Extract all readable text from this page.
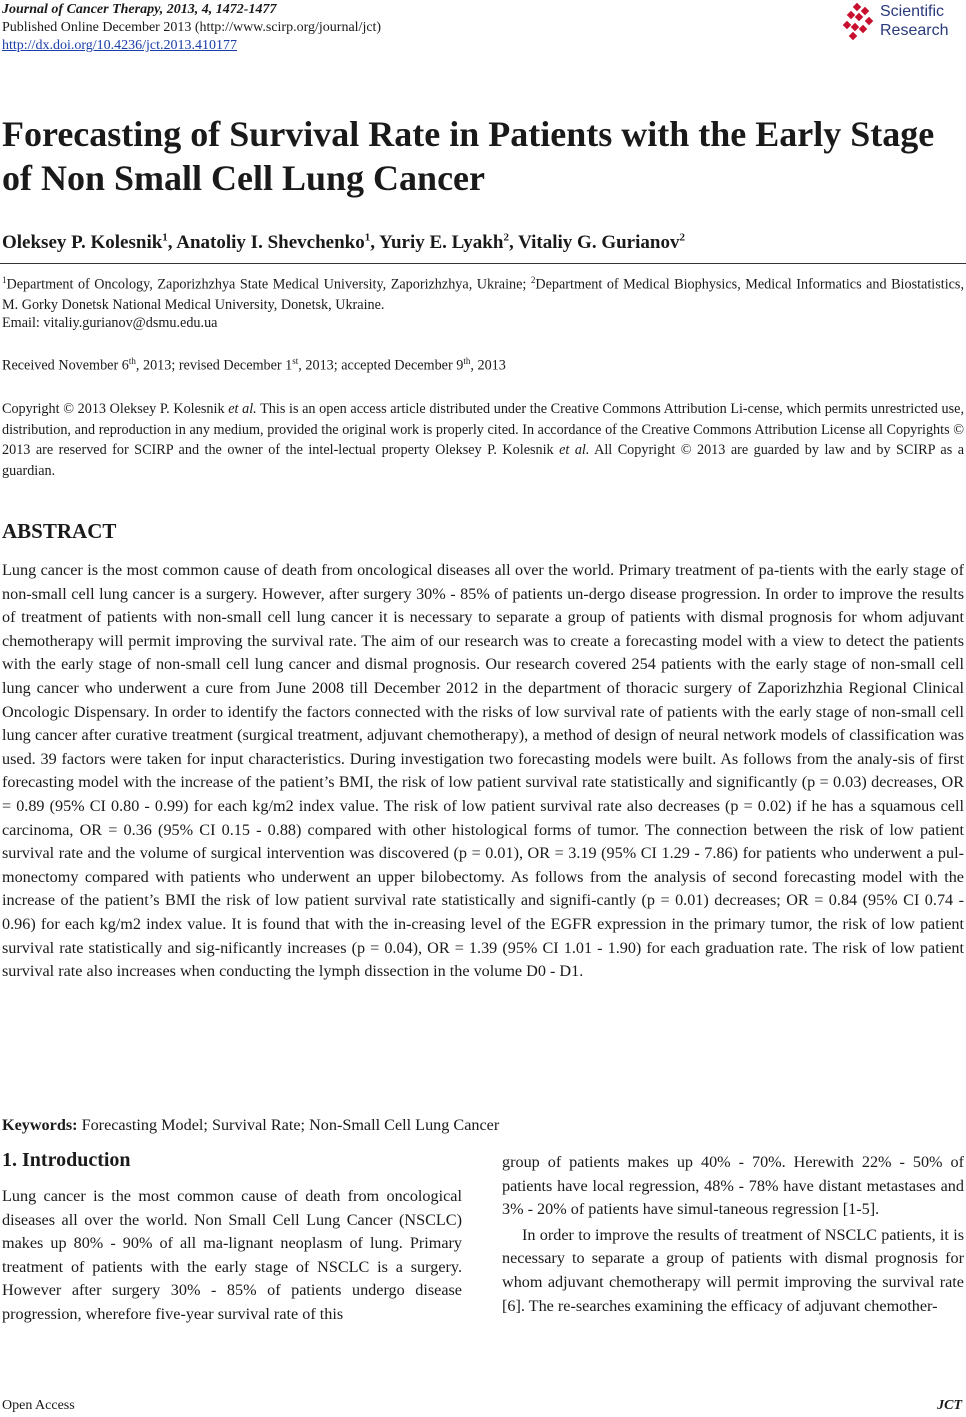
Journal of Cancer Therapy, 2013, 4, 1472-1477
Published Online December 2013 (http://www.scirp.org/journal/jct)
http://dx.doi.org/10.4236/jct.2013.410177
Scientific
Research
Forecasting of Survival Rate in Patients with the Early Stage of Non Small Cell Lung Cancer
Oleksey P. Kolesnik$^1$, Anatoliy I. Shevchenko$^1$, Yuriy E. Lyakh$^2$, Vitaliy G. Gurianov$^2$
$^1$Department of Oncology, Zaporizhzhya State Medical University, Zaporizhzhya, Ukraine; $^2$Department of Medical Biophysics, Medical Informatics and Biostatistics, M. Gorky Donetsk National Medical University, Donetsk, Ukraine.
Email: vitaliy.gurianov@dsmu.edu.ua
Received November 6th, 2013; revised December 1st, 2013; accepted December 9th, 2013
Copyright © 2013 Oleksey P. Kolesnik et al. This is an open access article distributed under the Creative Commons Attribution Li-cense, which permits unrestricted use, distribution, and reproduction in any medium, provided the original work is properly cited. In accordance of the Creative Commons Attribution License all Copyrights © 2013 are reserved for SCIRP and the owner of the intel-lectual property Oleksey P. Kolesnik et al. All Copyright © 2013 are guarded by law and by SCIRP as a guardian.
ABSTRACT
Lung cancer is the most common cause of death from oncological diseases all over the world. Primary treatment of pa-tients with the early stage of non-small cell lung cancer is a surgery. However, after surgery 30% - 85% of patients un-dergo disease progression. In order to improve the results of treatment of patients with non-small cell lung cancer it is necessary to separate a group of patients with dismal prognosis for whom adjuvant chemotherapy will permit improving the survival rate. The aim of our research was to create a forecasting model with a view to detect the patients with the early stage of non-small cell lung cancer and dismal prognosis. Our research covered 254 patients with the early stage of non-small cell lung cancer who underwent a cure from June 2008 till December 2012 in the department of thoracic surgery of Zaporizhzhia Regional Clinical Oncologic Dispensary. In order to identify the factors connected with the risks of low survival rate of patients with the early stage of non-small cell lung cancer after curative treatment (surgical treatment, adjuvant chemotherapy), a method of design of neural network models of classification was used. 39 factors were taken for input characteristics. During investigation two forecasting models were built. As follows from the analy-sis of first forecasting model with the increase of the patient’s BMI, the risk of low patient survival rate statistically and significantly (p = 0.03) decreases, OR = 0.89 (95% CI 0.80 - 0.99) for each kg/m2 index value. The risk of low patient survival rate also decreases (p = 0.02) if he has a squamous cell carcinoma, OR = 0.36 (95% CI 0.15 - 0.88) compared with other histological forms of tumor. The connection between the risk of low patient survival rate and the volume of surgical intervention was discovered (p = 0.01), OR = 3.19 (95% CI 1.29 - 7.86) for patients who underwent a pul-monectomy compared with patients who underwent an upper bilobectomy. As follows from the analysis of second forecasting model with the increase of the patient’s BMI the risk of low patient survival rate statistically and signifi-cantly (p = 0.01) decreases; OR = 0.84 (95% CI 0.74 - 0.96) for each kg/m2 index value. It is found that with the in-creasing level of the EGFR expression in the primary tumor, the risk of low patient survival rate statistically and sig-nificantly increases (p = 0.04), OR = 1.39 (95% CI 1.01 - 1.90) for each graduation rate. The risk of low patient survival rate also increases when conducting the lymph dissection in the volume D0 - D1.
Keywords: Forecasting Model; Survival Rate; Non-Small Cell Lung Cancer
1. Introduction
Lung cancer is the most common cause of death from oncological diseases all over the world. Non Small Cell Lung Cancer (NSCLC) makes up 80% - 90% of all ma-lignant neoplasm of lung. Primary treatment of patients with the early stage of NSCLC is a surgery. However after surgery 30% - 85% of patients undergo disease progression, wherefore five-year survival rate of this

group of patients makes up 40% - 70%. Herewith 22% - 50% of patients have local regression, 48% - 78% have distant metastases and 3% - 20% of patients have simul-taneous regression [1-5].

In order to improve the results of treatment of NSCLC patients, it is necessary to separate a group of patients with dismal prognosis for whom adjuvant chemotherapy will permit improving the survival rate [6]. The re-searches examining the efficacy of adjuvant chemother-

Open Access	JCT
